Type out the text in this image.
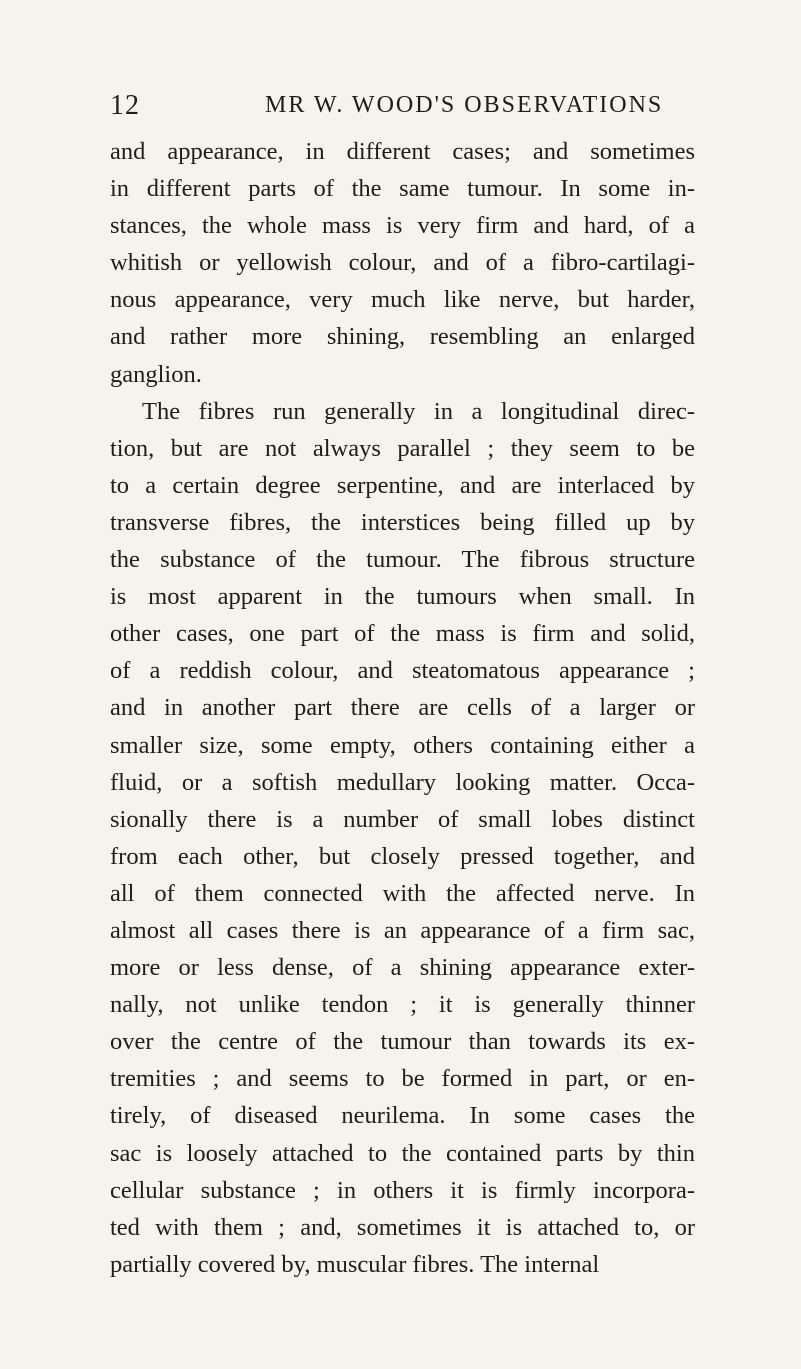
12	MR W. WOOD'S OBSERVATIONS
and appearance, in different cases; and sometimes
in different parts of the same tumour. In some in-
stances, the whole mass is very firm and hard, of a
whitish or yellowish colour, and of a fibro-cartilagi-
nous appearance, very much like nerve, but harder,
and rather more shining, resembling an enlarged
ganglion.
The fibres run generally in a longitudinal direc-
tion, but are not always parallel ; they seem to be
to a certain degree serpentine, and are interlaced by
transverse fibres, the interstices being filled up by
the substance of the tumour. The fibrous structure
is most apparent in the tumours when small. In
other cases, one part of the mass is firm and solid,
of a reddish colour, and steatomatous appearance ;
and in another part there are cells of a larger or
smaller size, some empty, others containing either a
fluid, or a softish medullary looking matter. Occa-
sionally there is a number of small lobes distinct
from each other, but closely pressed together, and
all of them connected with the affected nerve. In
almost all cases there is an appearance of a firm sac,
more or less dense, of a shining appearance exter-
nally, not unlike tendon ; it is generally thinner
over the centre of the tumour than towards its ex-
tremities ; and seems to be formed in part, or en-
tirely, of diseased neurilema. In some cases the
sac is loosely attached to the contained parts by thin
cellular substance ; in others it is firmly incorpora-
ted with them ; and, sometimes it is attached to, or
partially covered by, muscular fibres. The internal
